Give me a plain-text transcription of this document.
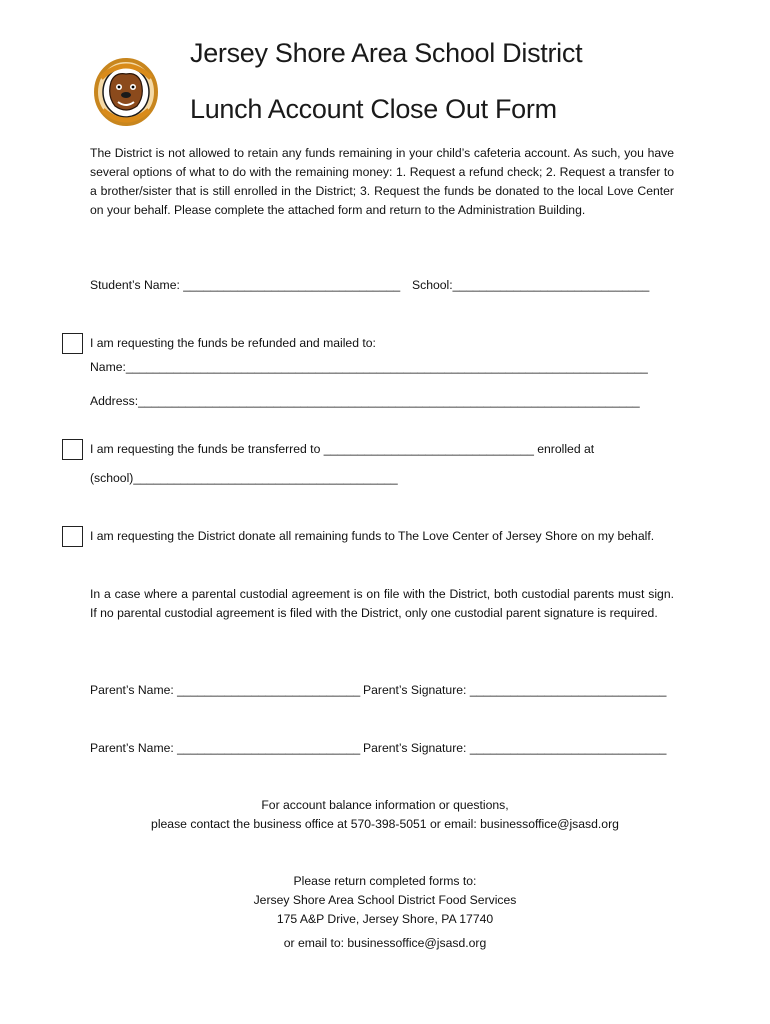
Jersey Shore Area School District
Lunch Account Close Out Form
The District is not allowed to retain any funds remaining in your child’s cafeteria account. As such, you have several options of what to do with the remaining money: 1. Request a refund check; 2. Request a transfer to a brother/sister that is still enrolled in the District; 3. Request the funds be donated to the local Love Center on your behalf. Please complete the attached form and return to the Administration Building.
Student’s Name: ________________________________ School:_____________________________
I am requesting the funds be refunded and mailed to:
Name:_____________________________________________________________________________
Address:__________________________________________________________________________
I am requesting the funds be transferred to _______________________________ enrolled at
(school)_______________________________________
I am requesting the District donate all remaining funds to The Love Center of Jersey Shore on my behalf.
In a case where a parental custodial agreement is on file with the District, both custodial parents must sign. If no parental custodial agreement is filed with the District, only one custodial parent signature is required.
Parent’s Name: ___________________________ Parent’s Signature: _____________________________
Parent’s Name: ___________________________ Parent’s Signature: _____________________________
For account balance information or questions,
please contact the business office at 570-398-5051 or email: businessoffice@jsasd.org
Please return completed forms to:
Jersey Shore Area School District Food Services
175 A&P Drive, Jersey Shore, PA 17740
or email to: businessoffice@jsasd.org
